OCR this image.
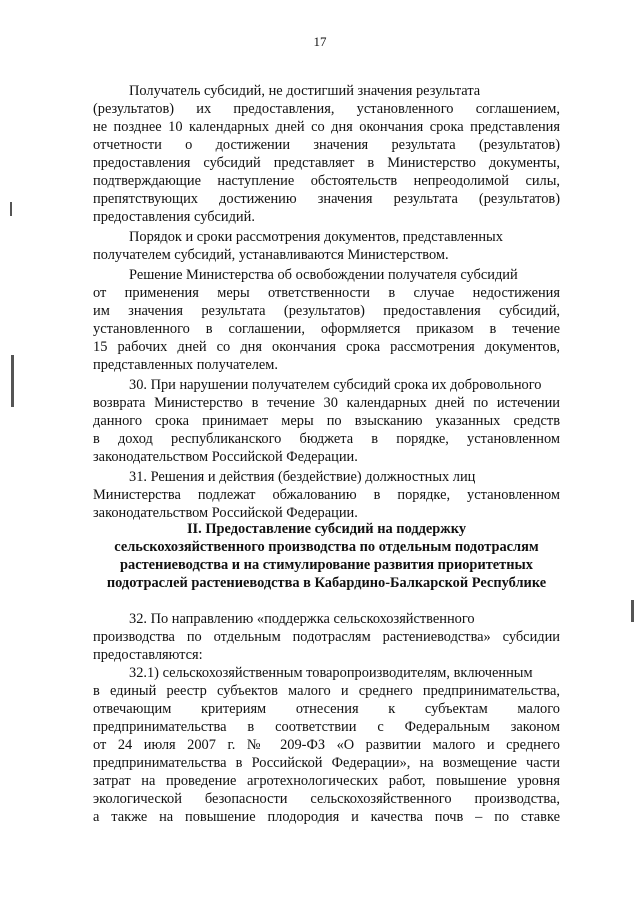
17
Получатель субсидий, не достигший значения результата
(результатов) их предоставления, установленного соглашением,
не позднее 10 календарных дней со дня окончания срока представления
отчетности о достижении значения результата (результатов)
предоставления субсидий представляет в Министерство документы,
подтверждающие наступление обстоятельств непреодолимой силы,
препятствующих достижению значения результата (результатов)
предоставления субсидий.
Порядок и сроки рассмотрения документов, представленных
получателем субсидий, устанавливаются Министерством.
Решение Министерства об освобождении получателя субсидий
от применения меры ответственности в случае недостижения
им значения результата (результатов) предоставления субсидий,
установленного в соглашении, оформляется приказом в течение
15 рабочих дней со дня окончания срока рассмотрения документов,
представленных получателем.
30. При нарушении получателем субсидий срока их добровольного
возврата Министерство в течение 30 календарных дней по истечении
данного срока принимает меры по взысканию указанных средств
в доход республиканского бюджета в порядке, установленном
законодательством Российской Федерации.
31. Решения и действия (бездействие) должностных лиц
Министерства подлежат обжалованию в порядке, установленном
законодательством Российской Федерации.
II. Предоставление субсидий на поддержку
сельскохозяйственного производства по отдельным подотраслям
растениеводства и на стимулирование развития приоритетных
подотраслей растениеводства в Кабардино-Балкарской Республике
32. По направлению «поддержка сельскохозяйственного
производства по отдельным подотраслям растениеводства» субсидии
предоставляются:
32.1) сельскохозяйственным товаропроизводителям, включенным
в единый реестр субъектов малого и среднего предпринимательства,
отвечающим критериям отнесения к субъектам малого
предпринимательства в соответствии с Федеральным законом
от 24 июля 2007 г. № 209-ФЗ «О развитии малого и среднего
предпринимательства в Российской Федерации», на возмещение части
затрат на проведение агротехнологических работ, повышение уровня
экологической безопасности сельскохозяйственного производства,
а также на повышение плодородия и качества почв – по ставке
